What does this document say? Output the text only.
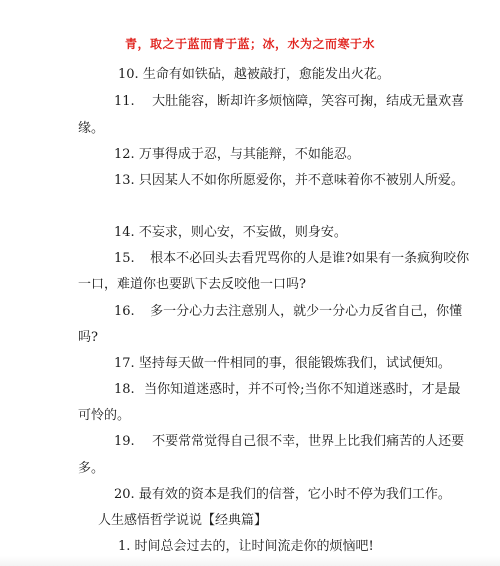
青，取之于蓝而青于蓝；冰，水为之而寒于水
10. 生命有如铁砧，越被敲打，愈能发出火花。
11. 大肚能容，断却许多烦恼障，笑容可掬，结成无量欢喜
缘。
12. 万事得成于忍，与其能辩，不如能忍。
13. 只因某人不如你所愿爱你，并不意味着你不被别人所爱。
14. 不妄求，则心安，不妄做，则身安。
15. 根本不必回头去看咒骂你的人是谁?如果有一条疯狗咬你
一口，难道你也要趴下去反咬他一口吗?
16. 多一分心力去注意别人，就少一分心力反省自己，你懂
吗?
17. 坚持每天做一件相同的事，很能锻炼我们，试试便知。
18. 当你知道迷惑时，并不可怜;当你不知道迷惑时，才是最
可怜的。
19. 不要常常觉得自己很不幸，世界上比我们痛苦的人还要
多。
20. 最有效的资本是我们的信誉，它小时不停为我们工作。
人生感悟哲学说说【经典篇】
1. 时间总会过去的，让时间流走你的烦恼吧!
